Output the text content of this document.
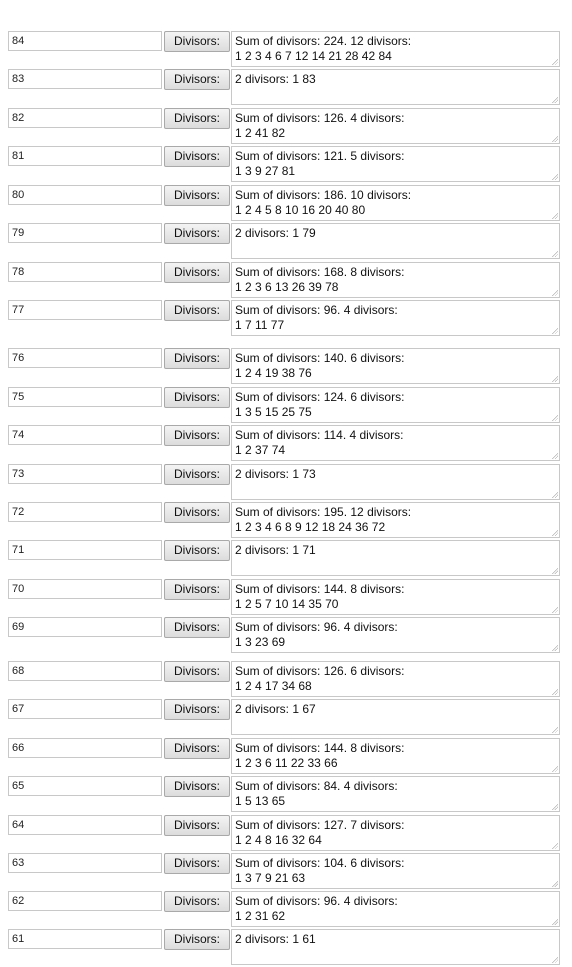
84	Divisors:	Sum of divisors: 224. 12 divisors:
1 2 3 4 6 7 12 14 21 28 42 84
83	Divisors:	2 divisors: 1 83
82	Divisors:	Sum of divisors: 126. 4 divisors:
1 2 41 82
81	Divisors:	Sum of divisors: 121. 5 divisors:
1 3 9 27 81
80	Divisors:	Sum of divisors: 186. 10 divisors:
1 2 4 5 8 10 16 20 40 80
79	Divisors:	2 divisors: 1 79
78	Divisors:	Sum of divisors: 168. 8 divisors:
1 2 3 6 13 26 39 78
77	Divisors:	Sum of divisors: 96. 4 divisors:
1 7 11 77
76	Divisors:	Sum of divisors: 140. 6 divisors:
1 2 4 19 38 76
75	Divisors:	Sum of divisors: 124. 6 divisors:
1 3 5 15 25 75
74	Divisors:	Sum of divisors: 114. 4 divisors:
1 2 37 74
73	Divisors:	2 divisors: 1 73
72	Divisors:	Sum of divisors: 195. 12 divisors:
1 2 3 4 6 8 9 12 18 24 36 72
71	Divisors:	2 divisors: 1 71
70	Divisors:	Sum of divisors: 144. 8 divisors:
1 2 5 7 10 14 35 70
69	Divisors:	Sum of divisors: 96. 4 divisors:
1 3 23 69
68	Divisors:	Sum of divisors: 126. 6 divisors:
1 2 4 17 34 68
67	Divisors:	2 divisors: 1 67
66	Divisors:	Sum of divisors: 144. 8 divisors:
1 2 3 6 11 22 33 66
65	Divisors:	Sum of divisors: 84. 4 divisors:
1 5 13 65
64	Divisors:	Sum of divisors: 127. 7 divisors:
1 2 4 8 16 32 64
63	Divisors:	Sum of divisors: 104. 6 divisors:
1 3 7 9 21 63
62	Divisors:	Sum of divisors: 96. 4 divisors:
1 2 31 62
61	Divisors:	2 divisors: 1 61
